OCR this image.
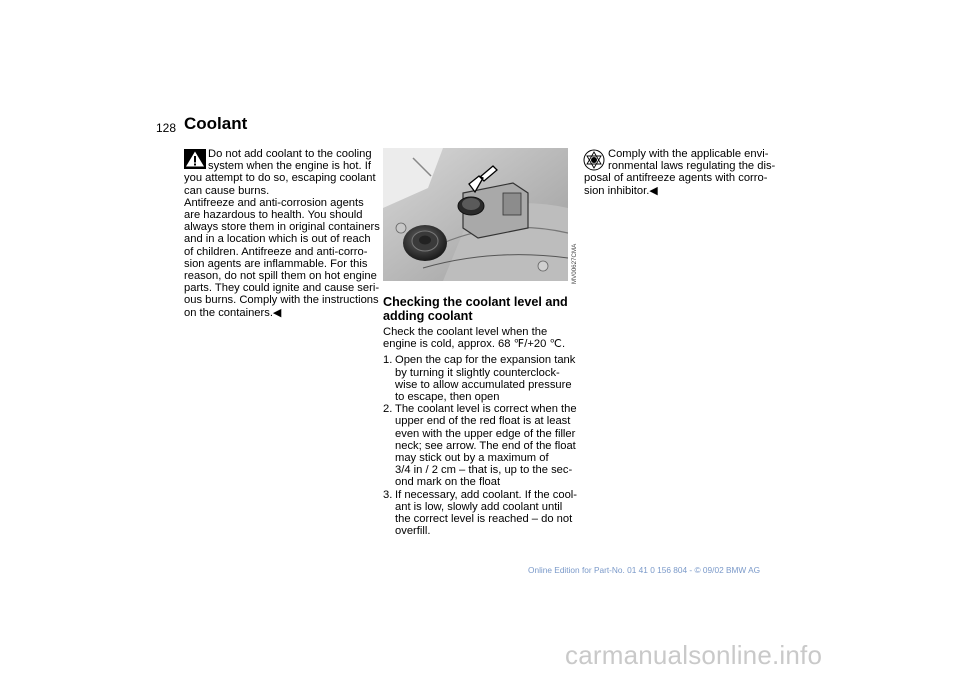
128 Coolant

Do not add coolant to the cooling

system when the engine is hot. If

you attempt to do so, escaping coolant

can cause burns.

Antifreeze and anti-corrosion agents

are hazardous to health. You should

always store them in original containers

and in a location which is out of reach

of children. Antifreeze and anti-corro-

sion agents are inflammable. For this

reason, do not spill them on hot engine

parts. They could ignite and cause seri-

ous burns. Comply with the instructions

on the containers.◀

MV00627CMA

Checking the coolant level and

adding coolant

Check the coolant level when the

engine is cold, approx. 68 ℉/+20 ℃.

1. Open the cap for the expansion tank

by turning it slightly counterclock-

wise to allow accumulated pressure

to escape, then open

2. The coolant level is correct when the

upper end of the red float is at least

even with the upper edge of the filler

neck; see arrow. The end of the float

may stick out by a maximum of

3/4 in / 2 cm – that is, up to the sec-

ond mark on the float

3. If necessary, add coolant. If the cool-

ant is low, slowly add coolant until

the correct level is reached – do not

overfill.

Comply with the applicable envi-

ronmental laws regulating the dis-

posal of antifreeze agents with corro-

sion inhibitor.◀

Online Edition for Part-No. 01 41 0 156 804 - © 09/02 BMW AG
carmanualsonline.info
